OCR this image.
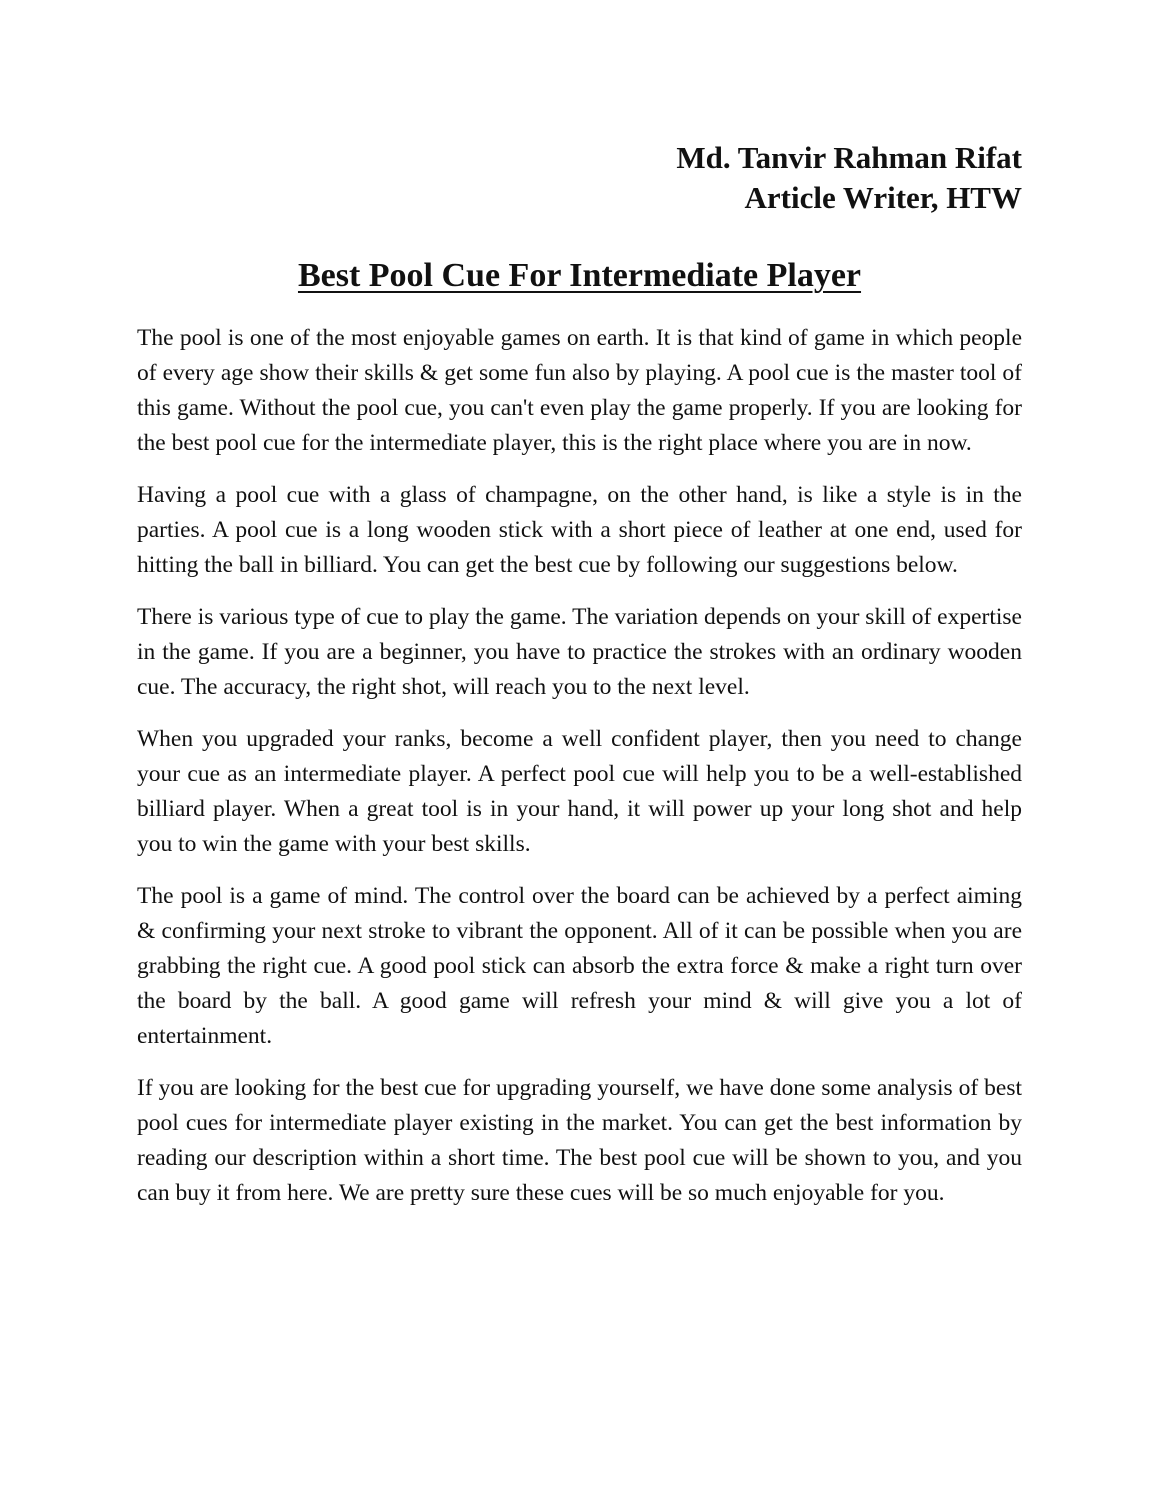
Md. Tanvir Rahman Rifat
Article Writer, HTW
Best Pool Cue For Intermediate Player

The pool is one of the most enjoyable games on earth. It is that kind of game in which people of every age show their skills & get some fun also by playing. A pool cue is the master tool of this game. Without the pool cue, you can't even play the game properly. If you are looking for the best pool cue for the intermediate player, this is the right place where you are in now.

Having a pool cue with a glass of champagne, on the other hand, is like a style is in the parties. A pool cue is a long wooden stick with a short piece of leather at one end, used for hitting the ball in billiard. You can get the best cue by following our suggestions below.

There is various type of cue to play the game. The variation depends on your skill of expertise in the game. If you are a beginner, you have to practice the strokes with an ordinary wooden cue. The accuracy, the right shot, will reach you to the next level.

When you upgraded your ranks, become a well confident player, then you need to change your cue as an intermediate player. A perfect pool cue will help you to be a well-established billiard player. When a great tool is in your hand, it will power up your long shot and help you to win the game with your best skills.

The pool is a game of mind. The control over the board can be achieved by a perfect aiming & confirming your next stroke to vibrant the opponent. All of it can be possible when you are grabbing the right cue. A good pool stick can absorb the extra force & make a right turn over the board by the ball. A good game will refresh your mind & will give you a lot of entertainment.

If you are looking for the best cue for upgrading yourself, we have done some analysis of best pool cues for intermediate player existing in the market. You can get the best information by reading our description within a short time. The best pool cue will be shown to you, and you can buy it from here. We are pretty sure these cues will be so much enjoyable for you.
